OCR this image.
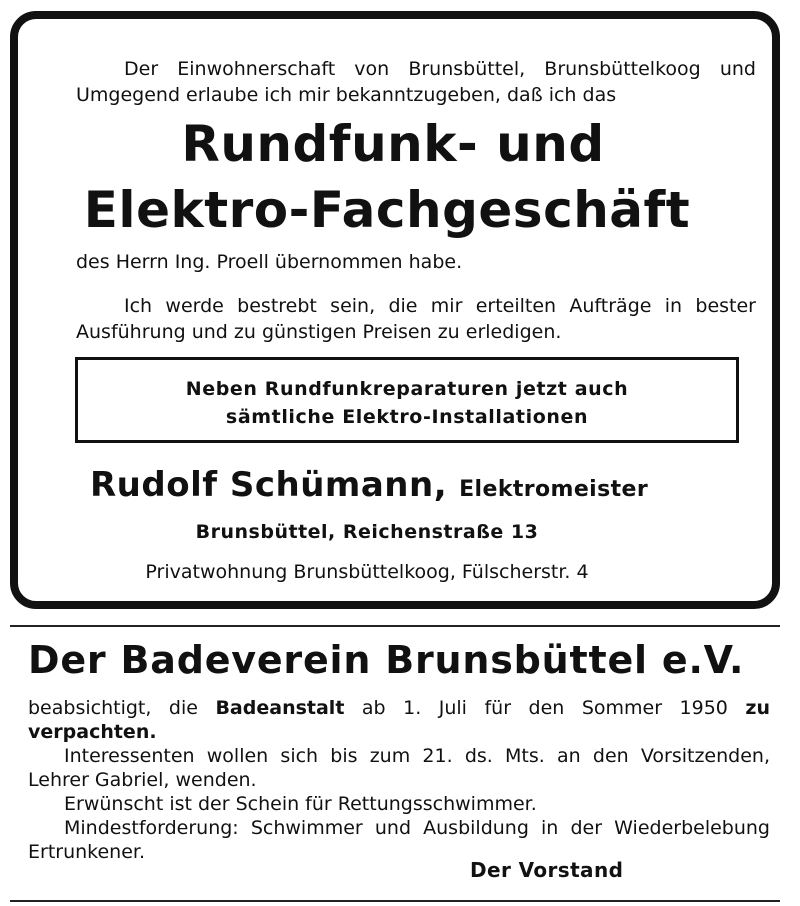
Der Einwohnerschaft von Brunsbüttel, Brunsbüttelkoog und Umgegend erlaube ich mir bekanntzugeben, daß ich das
Rundfunk- und
Elektro-Fachgeschäft
des Herrn Ing. Proell übernommen habe.
Ich werde bestrebt sein, die mir erteilten Aufträge in bester Ausführung und zu günstigen Preisen zu erledigen.
Neben Rundfunkreparaturen jetzt auch
sämtliche Elektro-Installationen
Rudolf Schümann, Elektromeister
Brunsbüttel, Reichenstraße 13
Privatwohnung Brunsbüttelkoog, Fülscherstr. 4
Der Badeverein Brunsbüttel e.V.

beabsichtigt, die Badeanstalt ab 1. Juli für den Sommer 1950 zu verpachten.

Interessenten wollen sich bis zum 21. ds. Mts. an den Vorsitzenden, Lehrer Gabriel, wenden.

Erwünscht ist der Schein für Rettungsschwimmer.

Mindestforderung: Schwimmer und Ausbildung in der Wiederbelebung Ertrunkener.

Der Vorstand
